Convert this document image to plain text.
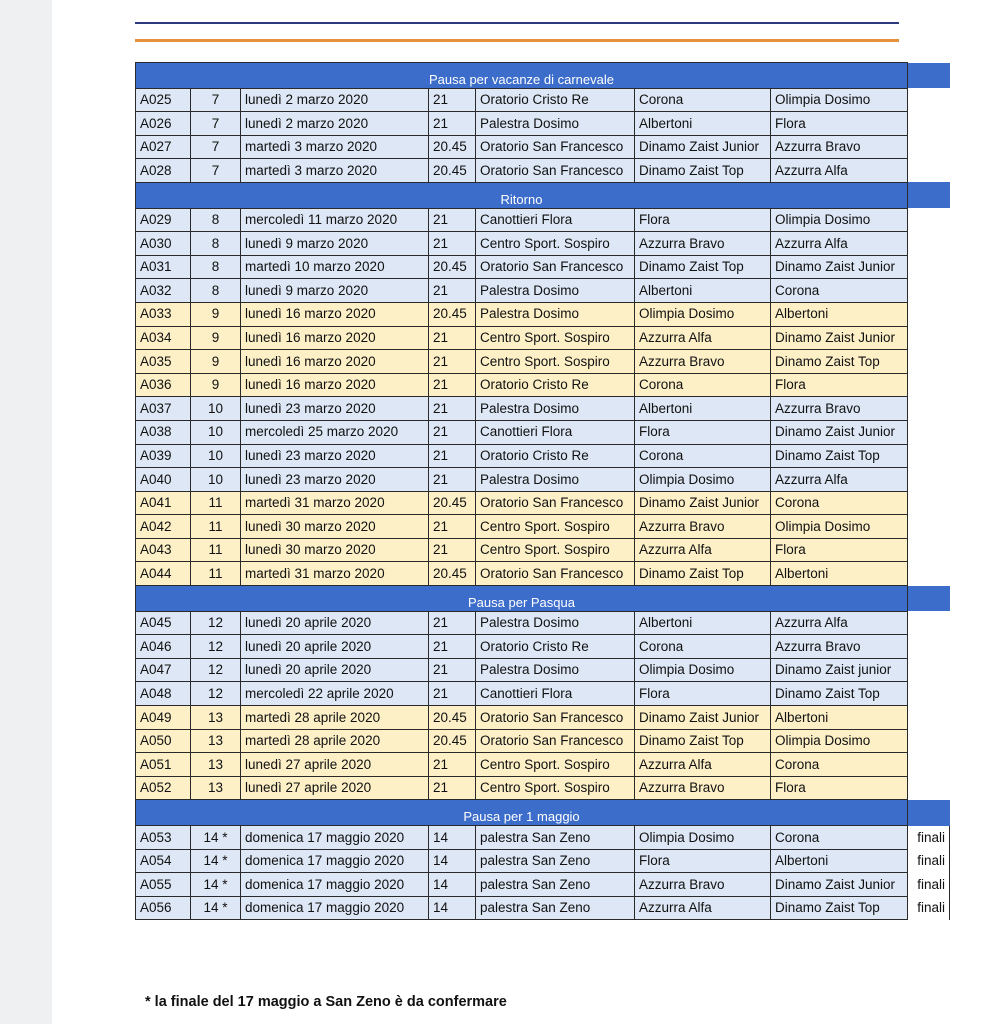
Pausa per vacanze di carnevale							
A025	7	lunedì 2 marzo 2020	21	Oratorio Cristo Re	Corona	Olimpia Dosimo	
A026	7	lunedì 2 marzo 2020	21	Palestra Dosimo	Albertoni	Flora	
A027	7	martedì 3 marzo 2020	20.45	Oratorio San Francesco	Dinamo Zaist Junior	Azzurra Bravo	
A028	7	martedì 3 marzo 2020	20.45	Oratorio San Francesco	Dinamo Zaist Top	Azzurra Alfa	
Ritorno							
A029	8	mercoledì 11 marzo 2020	21	Canottieri Flora	Flora	Olimpia Dosimo	
A030	8	lunedì 9 marzo 2020	21	Centro Sport. Sospiro	Azzurra Bravo	Azzurra Alfa	
A031	8	martedì 10 marzo 2020	20.45	Oratorio San Francesco	Dinamo Zaist Top	Dinamo Zaist Junior	
A032	8	lunedì 9 marzo 2020	21	Palestra Dosimo	Albertoni	Corona	
A033	9	lunedì 16 marzo 2020	20.45	Palestra Dosimo	Olimpia Dosimo	Albertoni	
A034	9	lunedì 16 marzo 2020	21	Centro Sport. Sospiro	Azzurra Alfa	Dinamo Zaist Junior	
A035	9	lunedì 16 marzo 2020	21	Centro Sport. Sospiro	Azzurra Bravo	Dinamo Zaist Top	
A036	9	lunedì 16 marzo 2020	21	Oratorio Cristo Re	Corona	Flora	
A037	10	lunedì 23 marzo 2020	21	Palestra Dosimo	Albertoni	Azzurra Bravo	
A038	10	mercoledì 25 marzo 2020	21	Canottieri Flora	Flora	Dinamo Zaist Junior	
A039	10	lunedì 23 marzo 2020	21	Oratorio Cristo Re	Corona	Dinamo Zaist Top	
A040	10	lunedì 23 marzo 2020	21	Palestra Dosimo	Olimpia Dosimo	Azzurra Alfa	
A041	11	martedì 31 marzo 2020	20.45	Oratorio San Francesco	Dinamo Zaist Junior	Corona	
A042	11	lunedì 30 marzo 2020	21	Centro Sport. Sospiro	Azzurra Bravo	Olimpia Dosimo	
A043	11	lunedì 30 marzo 2020	21	Centro Sport. Sospiro	Azzurra Alfa	Flora	
A044	11	martedì 31 marzo 2020	20.45	Oratorio San Francesco	Dinamo Zaist Top	Albertoni	
Pausa per Pasqua							
A045	12	lunedì 20 aprile 2020	21	Palestra Dosimo	Albertoni	Azzurra Alfa	
A046	12	lunedì 20 aprile 2020	21	Oratorio Cristo Re	Corona	Azzurra Bravo	
A047	12	lunedì 20 aprile 2020	21	Palestra Dosimo	Olimpia Dosimo	Dinamo Zaist junior	
A048	12	mercoledì 22 aprile 2020	21	Canottieri Flora	Flora	Dinamo Zaist Top	
A049	13	martedì 28 aprile 2020	20.45	Oratorio San Francesco	Dinamo Zaist Junior	Albertoni	
A050	13	martedì 28 aprile 2020	20.45	Oratorio San Francesco	Dinamo Zaist Top	Olimpia Dosimo	
A051	13	lunedì 27 aprile 2020	21	Centro Sport. Sospiro	Azzurra Alfa	Corona	
A052	13	lunedì 27 aprile 2020	21	Centro Sport. Sospiro	Azzurra Bravo	Flora	
Pausa per 1 maggio							
A053	14 *	domenica 17 maggio 2020	14	palestra San Zeno	Olimpia Dosimo	Corona	finali
A054	14 *	domenica 17 maggio 2020	14	palestra San Zeno	Flora	Albertoni	finali
A055	14 *	domenica 17 maggio 2020	14	palestra San Zeno	Azzurra Bravo	Dinamo Zaist Junior	finali
A056	14 *	domenica 17 maggio 2020	14	palestra San Zeno	Azzurra Alfa	Dinamo Zaist Top	finali
* la finale del 17 maggio a San Zeno è da confermare
